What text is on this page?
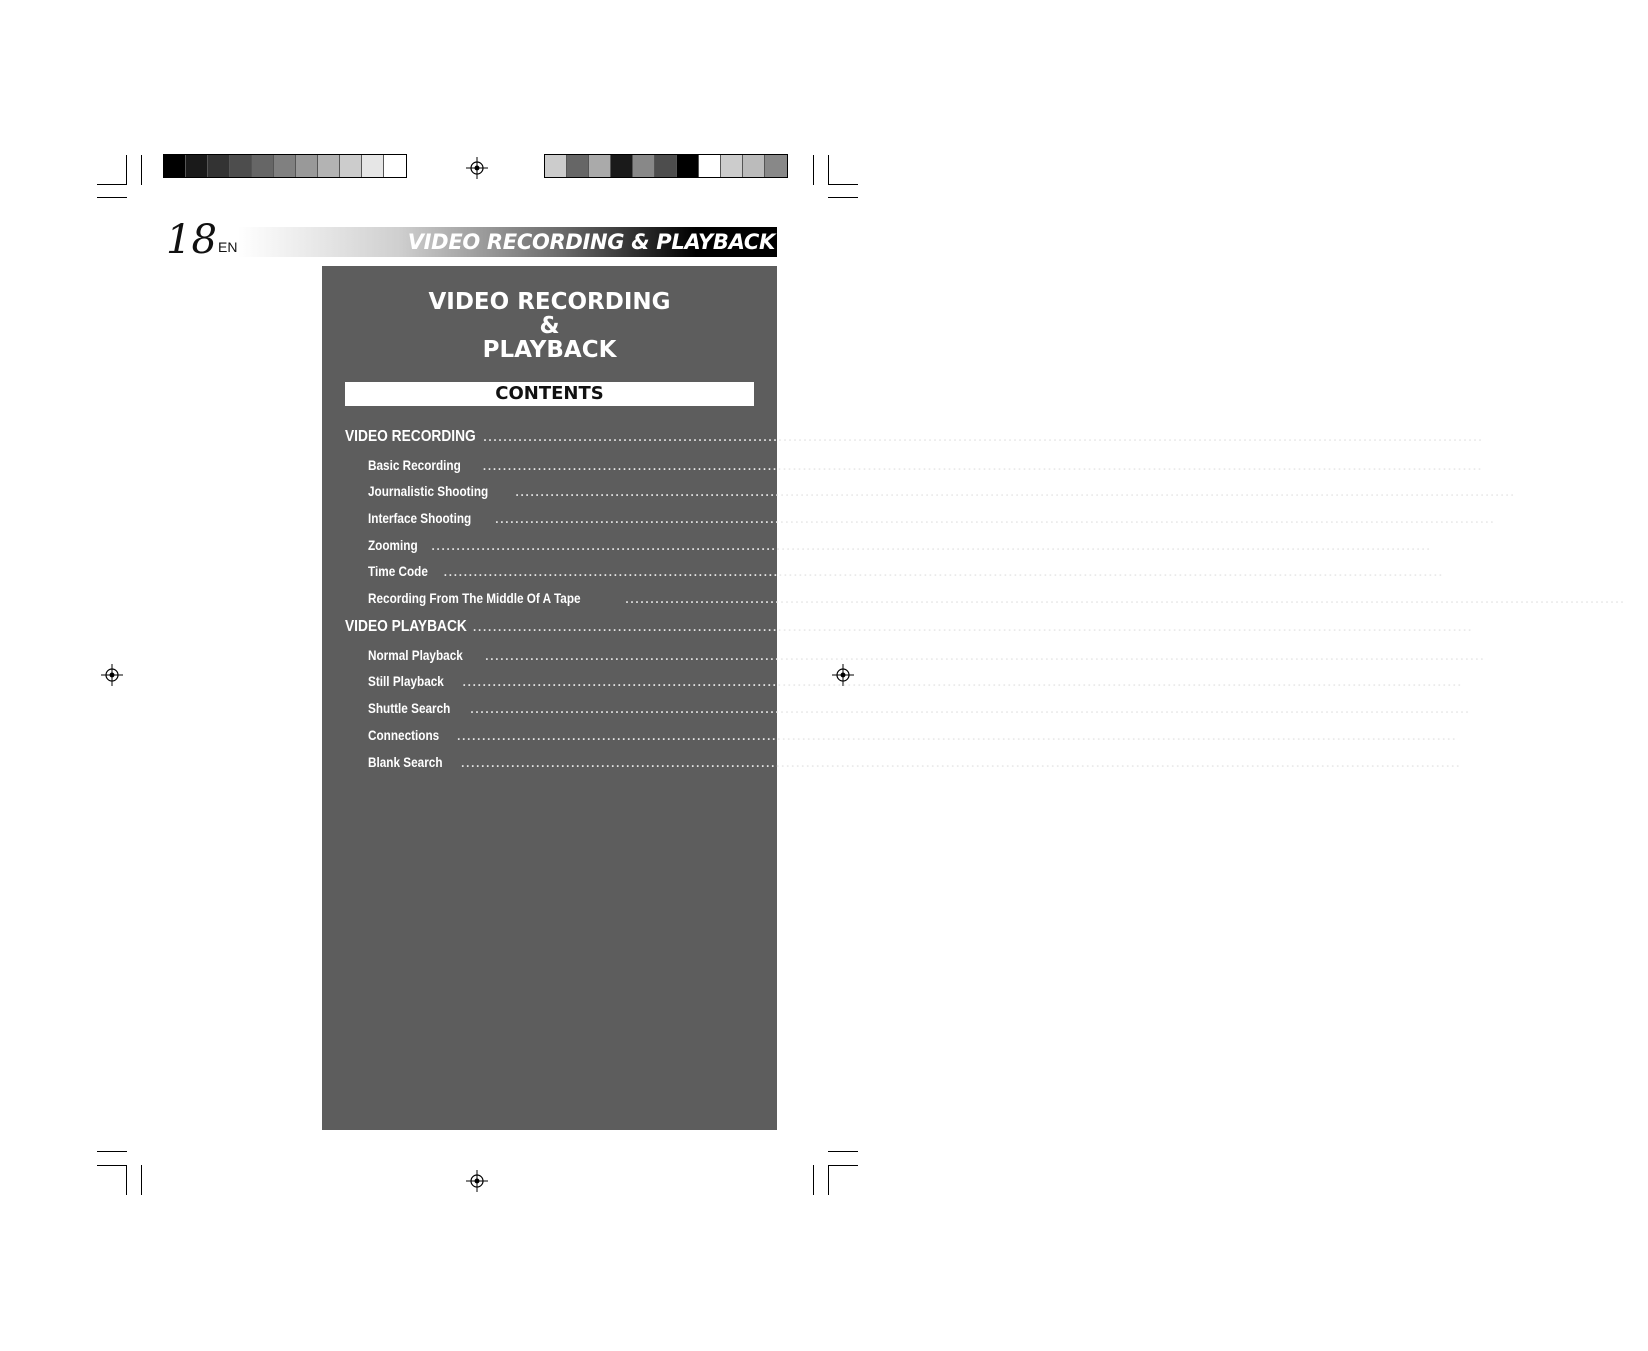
VIDEO RECORDING & PLAYBACK
18 EN
VIDEO RECORDING
&
PLAYBACK
CONTENTS
VIDEO RECORDING ........................................................................................................................................................................................................ 19 – 21
Basic Recording ........................................................................................................................................................................................................ 19
Journalistic Shooting ........................................................................................................................................................................................................ 20
Interface Shooting ........................................................................................................................................................................................................ 20
Zooming ........................................................................................................................................................................................................ 20
Time Code ........................................................................................................................................................................................................ 21
Recording From The Middle Of A Tape	........................................................................................................................................................................................................ 21
VIDEO PLAYBACK ........................................................................................................................................................................................................ 22 – 25
Normal Playback ........................................................................................................................................................................................................ 22
Still Playback ........................................................................................................................................................................................................ 22
Shuttle Search ........................................................................................................................................................................................................ 22
Connections ........................................................................................................................................................................................................ 23 – 24
Blank Search ........................................................................................................................................................................................................ 25
